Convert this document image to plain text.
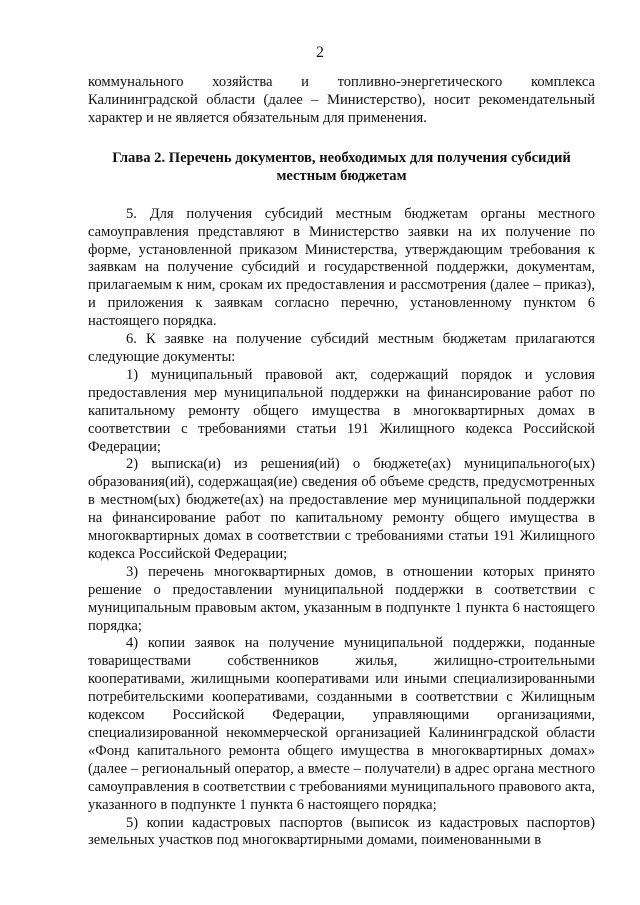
2

коммунального хозяйства и топливно-энергетического комплекса Калининградской области (далее – Министерство), носит рекомендательный характер и не является обязательным для применения.

Глава 2. Перечень документов, необходимых для получения субсидий
местным бюджетам

5. Для получения субсидий местным бюджетам органы местного самоуправления представляют в Министерство заявки на их получение по форме, установленной приказом Министерства, утверждающим требования к заявкам на получение субсидий и государственной поддержки, документам, прилагаемым к ним, срокам их предоставления и рассмотрения (далее – приказ), и приложения к заявкам согласно перечню, установленному пунктом 6 настоящего порядка.

6. К заявке на получение субсидий местным бюджетам прилагаются следующие документы:

1) муниципальный правовой акт, содержащий порядок и условия предоставления мер муниципальной поддержки на финансирование работ по капитальному ремонту общего имущества в многоквартирных домах в соответствии с требованиями статьи 191 Жилищного кодекса Российской Федерации;

2) выписка(и) из решения(ий) о бюджете(ах) муниципального(ых) образования(ий), содержащая(ие) сведения об объеме средств, предусмотренных в местном(ых) бюджете(ах) на предоставление мер муниципальной поддержки на финансирование работ по капитальному ремонту общего имущества в многоквартирных домах в соответствии с требованиями статьи 191 Жилищного кодекса Российской Федерации;

3) перечень многоквартирных домов, в отношении которых принято решение о предоставлении муниципальной поддержки в соответствии с муниципальным правовым актом, указанным в подпункте 1 пункта 6 настоящего порядка;

4) копии заявок на получение муниципальной поддержки, поданные товариществами собственников жилья, жилищно-строительными кооперативами, жилищными кооперативами или иными специализированными потребительскими кооперативами, созданными в соответствии с Жилищным кодексом Российской Федерации, управляющими организациями, специализированной некоммерческой организацией Калининградской области «Фонд капитального ремонта общего имущества в многоквартирных домах» (далее – региональный оператор, а вместе – получатели) в адрес органа местного самоуправления в соответствии с требованиями муниципального правового акта, указанного в подпункте 1 пункта 6 настоящего порядка;

5) копии кадастровых паспортов (выписок из кадастровых паспортов) земельных участков под многоквартирными домами, поименованными в
